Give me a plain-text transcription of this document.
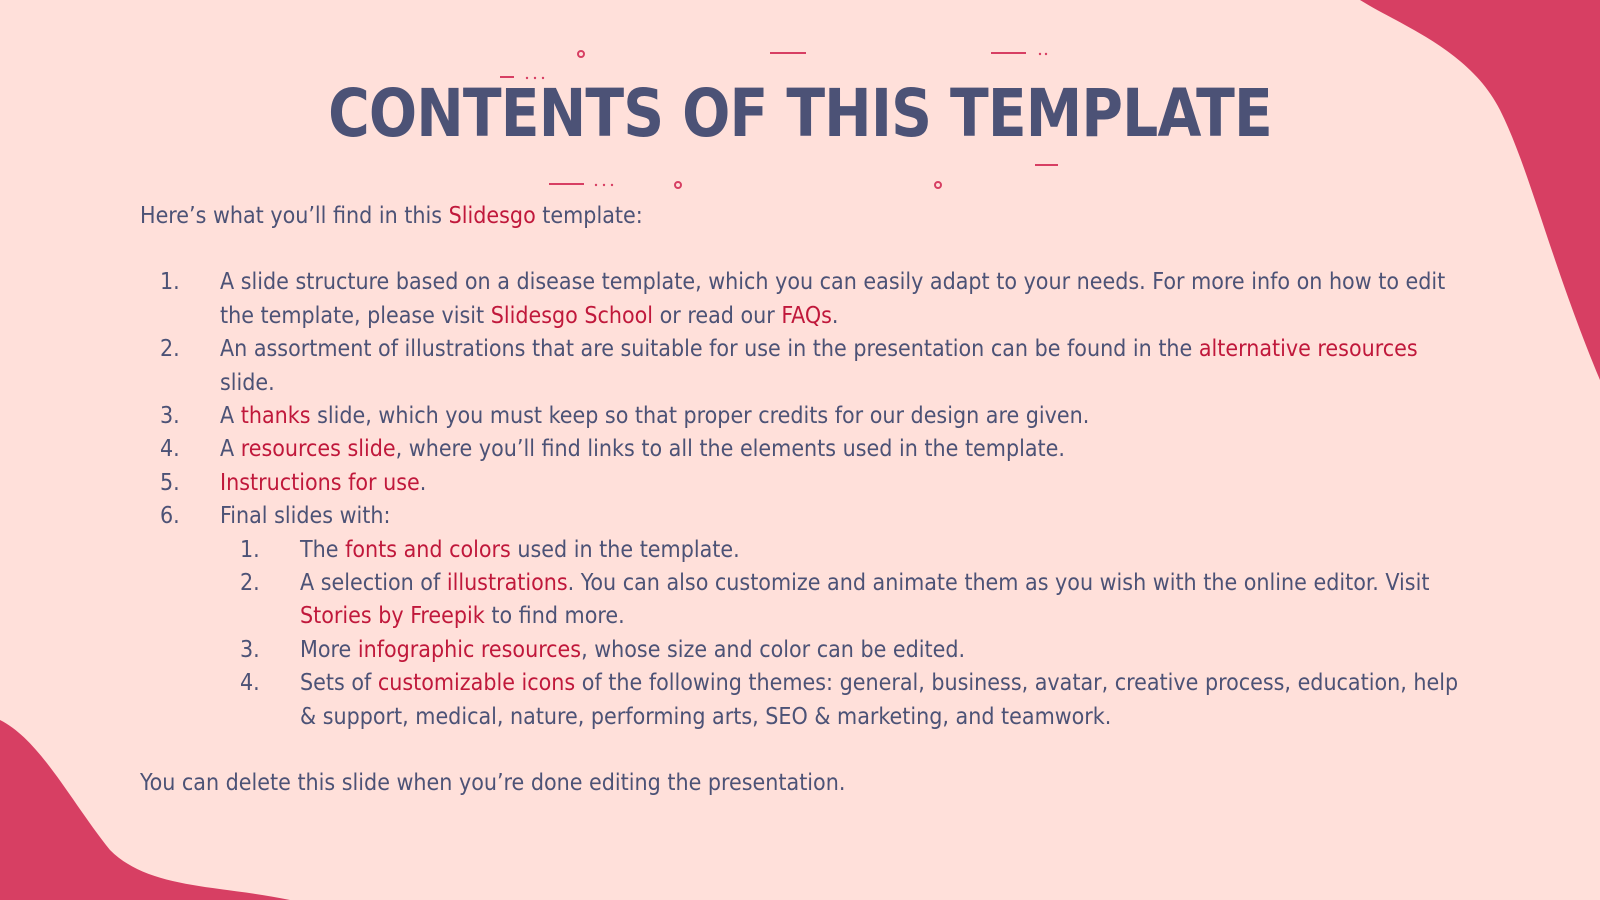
CONTENTS OF THIS TEMPLATE

Here’s what you’ll find in this Slidesgo template:

1. A slide structure based on a disease template, which you can easily adapt to your needs. For more info on how to edit the template, please visit Slidesgo School or read our FAQs.
2. An assortment of illustrations that are suitable for use in the presentation can be found in the alternative resources slide.
3. A thanks slide, which you must keep so that proper credits for our design are given.
4. A resources slide, where you’ll find links to all the elements used in the template.
5. Instructions for use.
6. Final slides with:
1. The fonts and colors used in the template.
2. A selection of illustrations. You can also customize and animate them as you wish with the online editor. Visit Stories by Freepik to find more.
3. More infographic resources, whose size and color can be edited.
4. Sets of customizable icons of the following themes: general, business, avatar, creative process, education, help & support, medical, nature, performing arts, SEO & marketing, and teamwork.

You can delete this slide when you’re done editing the presentation.
